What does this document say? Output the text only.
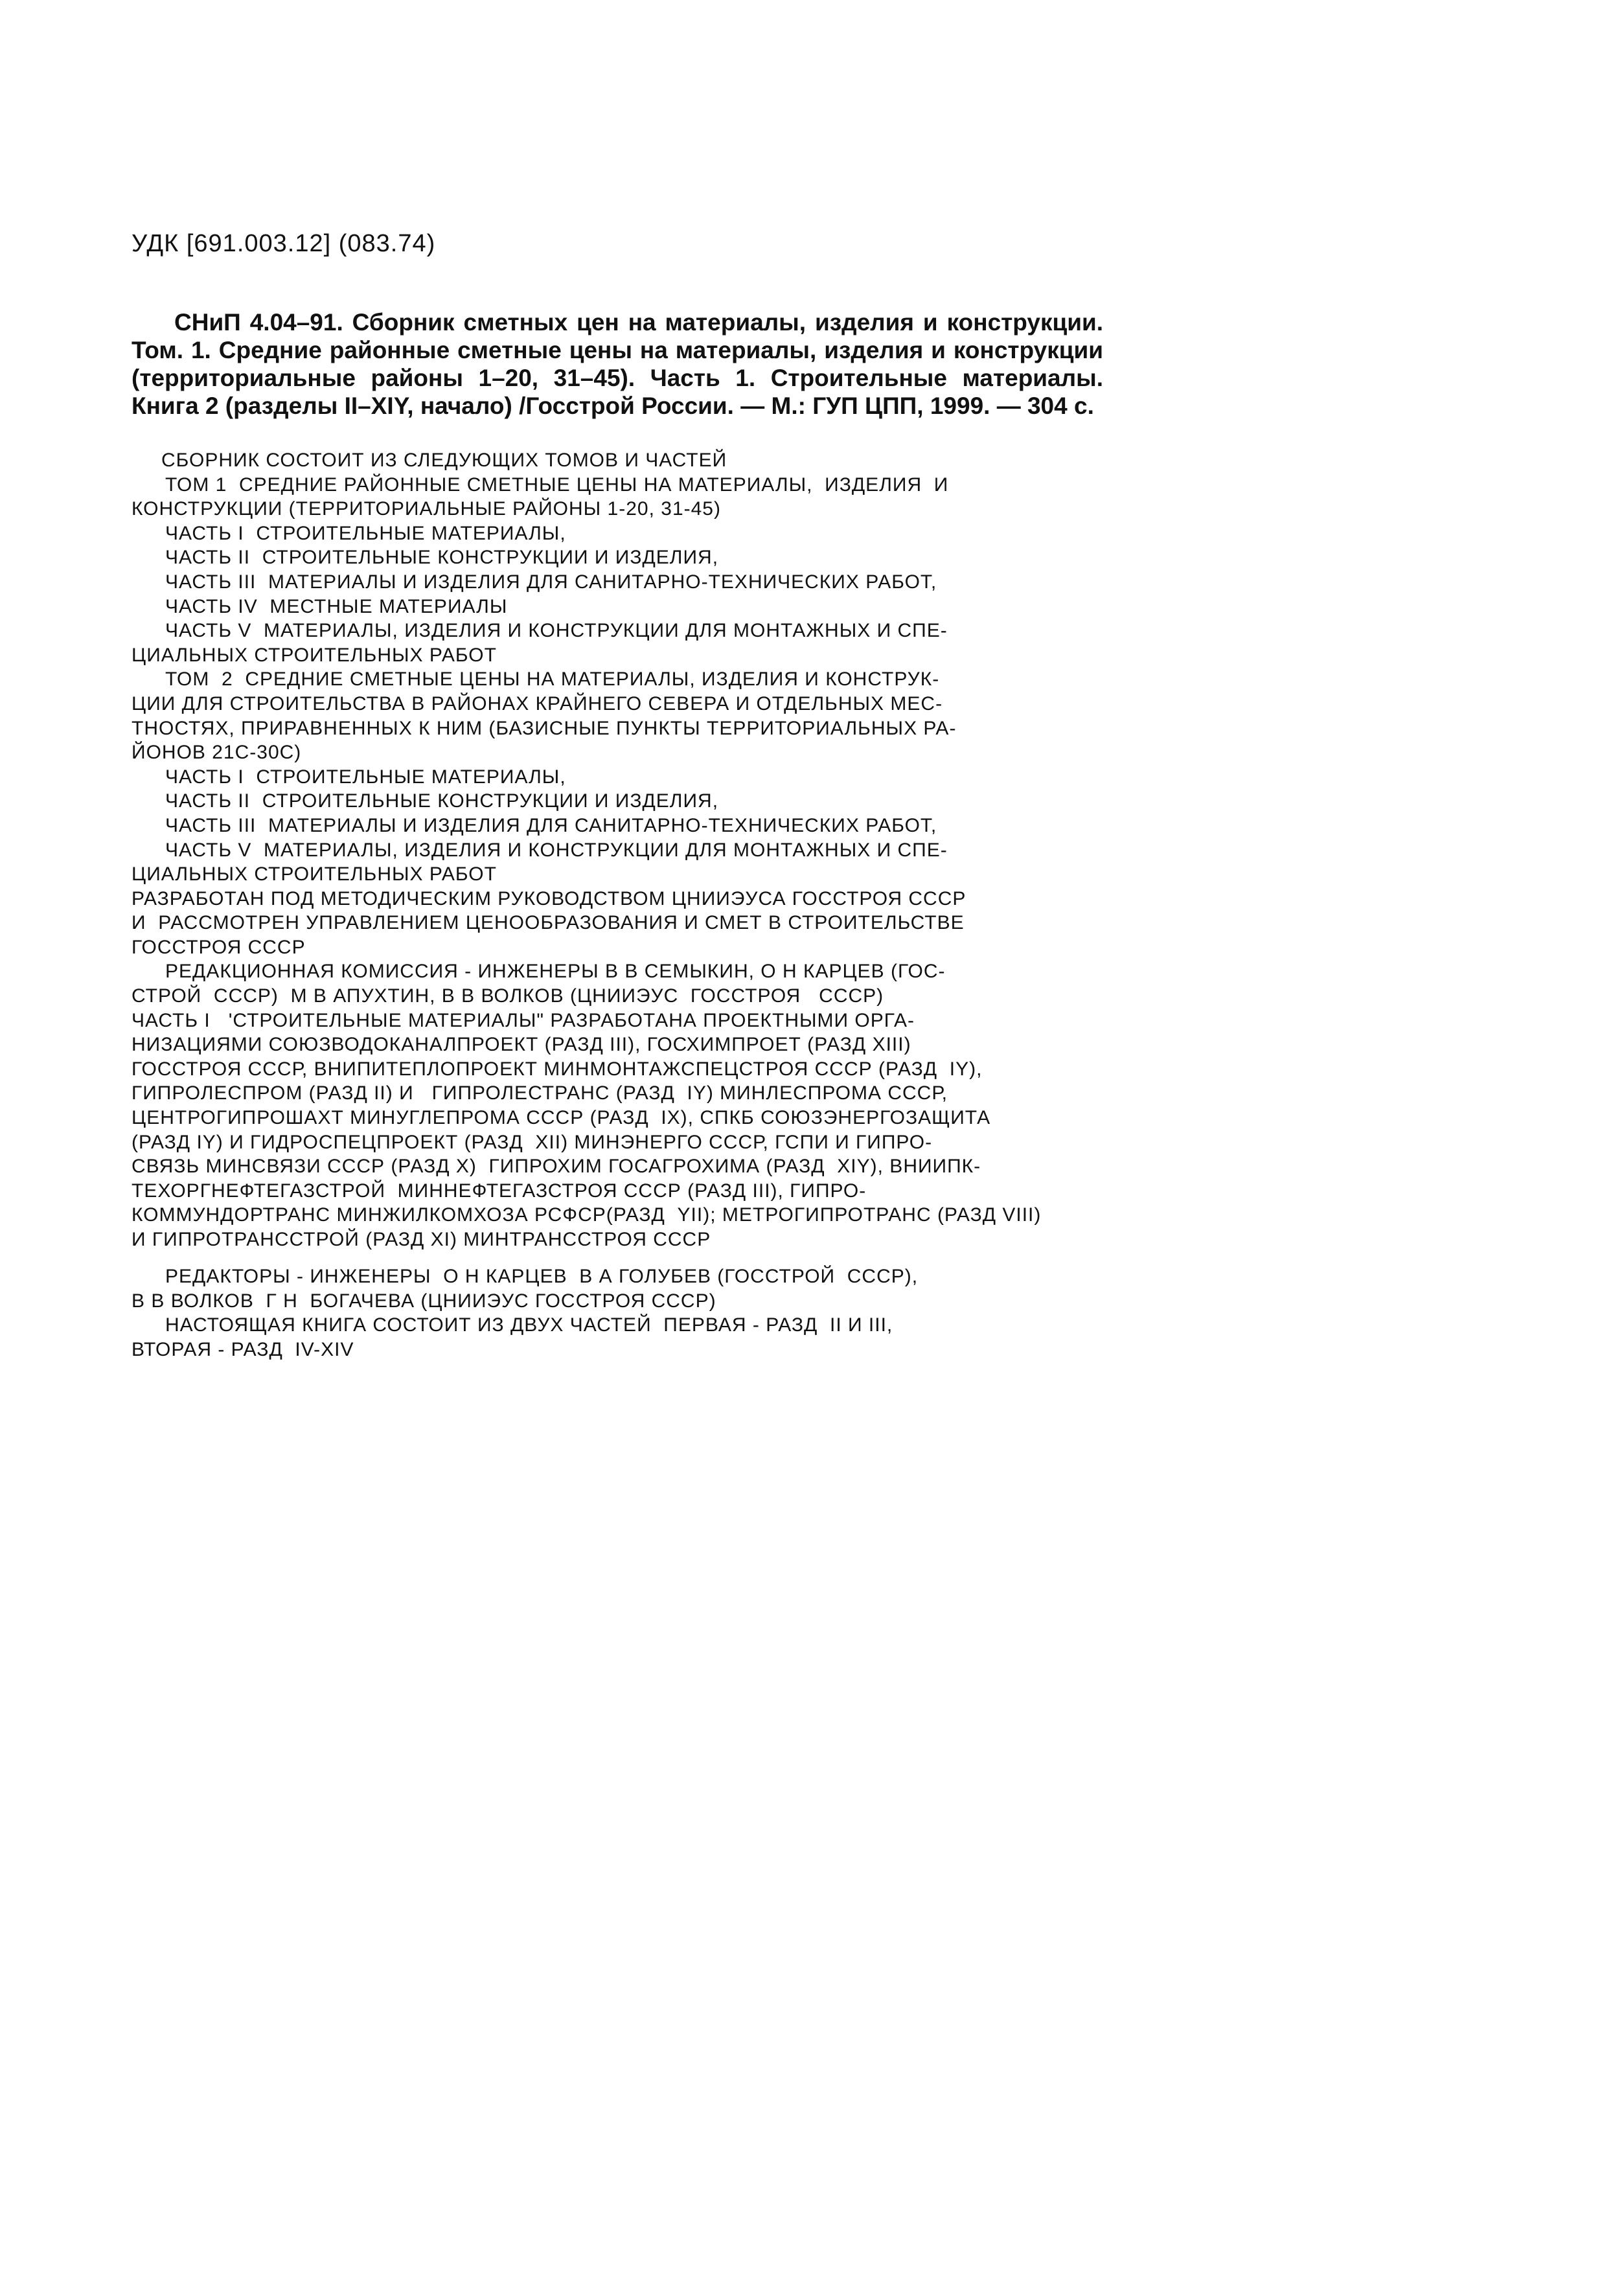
УДК [691.003.12] (083.74)
СНиП 4.04–91. Сборник сметных цен на материалы, изделия и конструкции. Том. 1. Средние районные сметные цены на материалы, изделия и конструкции (территориальные районы 1–20, 31–45). Часть 1. Строительные материалы. Книга 2 (разделы II–XIY, начало) /Госстрой России. — М.: ГУП ЦПП, 1999. — 304 с.

СБОРНИК СОСТОИТ ИЗ СЛЕДУЮЩИХ ТОМОВ И ЧАСТЕЙ

ТОМ 1  СРЕДНИЕ РАЙОННЫЕ СМЕТНЫЕ ЦЕНЫ НА МАТЕРИАЛЫ,  ИЗДЕЛИЯ  И

КОНСТРУКЦИИ (ТЕРРИТОРИАЛЬНЫЕ РАЙОНЫ 1-20, 31-45)

ЧАСТЬ I  СТРОИТЕЛЬНЫЕ МАТЕРИАЛЫ,

ЧАСТЬ II  СТРОИТЕЛЬНЫЕ КОНСТРУКЦИИ И ИЗДЕЛИЯ,

ЧАСТЬ III  МАТЕРИАЛЫ И ИЗДЕЛИЯ ДЛЯ САНИТАРНО-ТЕХНИЧЕСКИХ РАБОТ,

ЧАСТЬ IV  МЕСТНЫЕ МАТЕРИАЛЫ

ЧАСТЬ V  МАТЕРИАЛЫ, ИЗДЕЛИЯ И КОНСТРУКЦИИ ДЛЯ МОНТАЖНЫХ И СПЕ-

ЦИАЛЬНЫХ СТРОИТЕЛЬНЫХ РАБОТ

ТОМ  2  СРЕДНИЕ СМЕТНЫЕ ЦЕНЫ НА МАТЕРИАЛЫ, ИЗДЕЛИЯ И КОНСТРУК-

ЦИИ ДЛЯ СТРОИТЕЛЬСТВА В РАЙОНАХ КРАЙНЕГО СЕВЕРА И ОТДЕЛЬНЫХ МЕС-

ТНОСТЯХ, ПРИРАВНЕННЫХ К НИМ (БАЗИСНЫЕ ПУНКТЫ ТЕРРИТОРИАЛЬНЫХ РА-

ЙОНОВ 21С-30С)

ЧАСТЬ I  СТРОИТЕЛЬНЫЕ МАТЕРИАЛЫ,

ЧАСТЬ II  СТРОИТЕЛЬНЫЕ КОНСТРУКЦИИ И ИЗДЕЛИЯ,

ЧАСТЬ III  МАТЕРИАЛЫ И ИЗДЕЛИЯ ДЛЯ САНИТАРНО-ТЕХНИЧЕСКИХ РАБОТ,

ЧАСТЬ V  МАТЕРИАЛЫ, ИЗДЕЛИЯ И КОНСТРУКЦИИ ДЛЯ МОНТАЖНЫХ И СПЕ-

ЦИАЛЬНЫХ СТРОИТЕЛЬНЫХ РАБОТ

РАЗРАБОТАН ПОД МЕТОДИЧЕСКИМ РУКОВОДСТВОМ ЦНИИЭУСА ГОССТРОЯ СССР

И  РАССМОТРЕН УПРАВЛЕНИЕМ ЦЕНООБРАЗОВАНИЯ И СМЕТ В СТРОИТЕЛЬСТВЕ

ГОССТРОЯ СССР

РЕДАКЦИОННАЯ КОМИССИЯ - ИНЖЕНЕРЫ В В СЕМЫКИН, О Н КАРЦЕВ (ГОС-

СТРОЙ  СССР)  М В АПУХТИН, В В ВОЛКОВ (ЦНИИЭУС  ГОССТРОЯ   СССР)

ЧАСТЬ I   'СТРОИТЕЛЬНЫЕ МАТЕРИАЛЫ" РАЗРАБОТАНА ПРОЕКТНЫМИ ОРГА-

НИЗАЦИЯМИ СОЮЗВОДОКАНАЛПРОЕКТ (РАЗД III), ГОСХИМПРОЕТ (РАЗД XIII)

ГОССТРОЯ СССР, ВНИПИТЕПЛОПРОЕКТ МИНМОНТАЖСПЕЦСТРОЯ СССР (РАЗД  IY),

ГИПРОЛЕСПРОМ (РАЗД II) И   ГИПРОЛЕСТРАНС (РАЗД  IY) МИНЛЕСПРОМА СССР,

ЦЕНТРОГИПРОШАХТ МИНУГЛЕПРОМА СССР (РАЗД  IX), СПКБ СОЮЗЭНЕРГОЗАЩИТА

(РАЗД IY) И ГИДРОСПЕЦПРОЕКТ (РАЗД  XII) МИНЭНЕРГО СССР, ГСПИ И ГИПРО-

СВЯЗЬ МИНСВЯЗИ СССР (РАЗД X)  ГИПРОХИМ ГОСАГРОХИМА (РАЗД  XIY), ВНИИПК-

ТЕХОРГНЕФТЕГАЗСТРОЙ  МИННЕФТЕГАЗСТРОЯ СССР (РАЗД III), ГИПРО-

КОММУНДОРТРАНС МИНЖИЛКОМХОЗА РСФСР(РАЗД  YII); МЕТРОГИПРОТРАНС (РАЗД VIII)

И ГИПРОТРАНССТРОЙ (РАЗД XI) МИНТРАНССТРОЯ СССР

РЕДАКТОРЫ - ИНЖЕНЕРЫ  О Н КАРЦЕВ  В А ГОЛУБЕВ (ГОССТРОЙ  СССР),

В В ВОЛКОВ  Г Н  БОГАЧЕВА (ЦНИИЭУС ГОССТРОЯ СССР)

НАСТОЯЩАЯ КНИГА СОСТОИТ ИЗ ДВУХ ЧАСТЕЙ  ПЕРВАЯ - РАЗД  II И III,

ВТОРАЯ - РАЗД  IV-XIV
